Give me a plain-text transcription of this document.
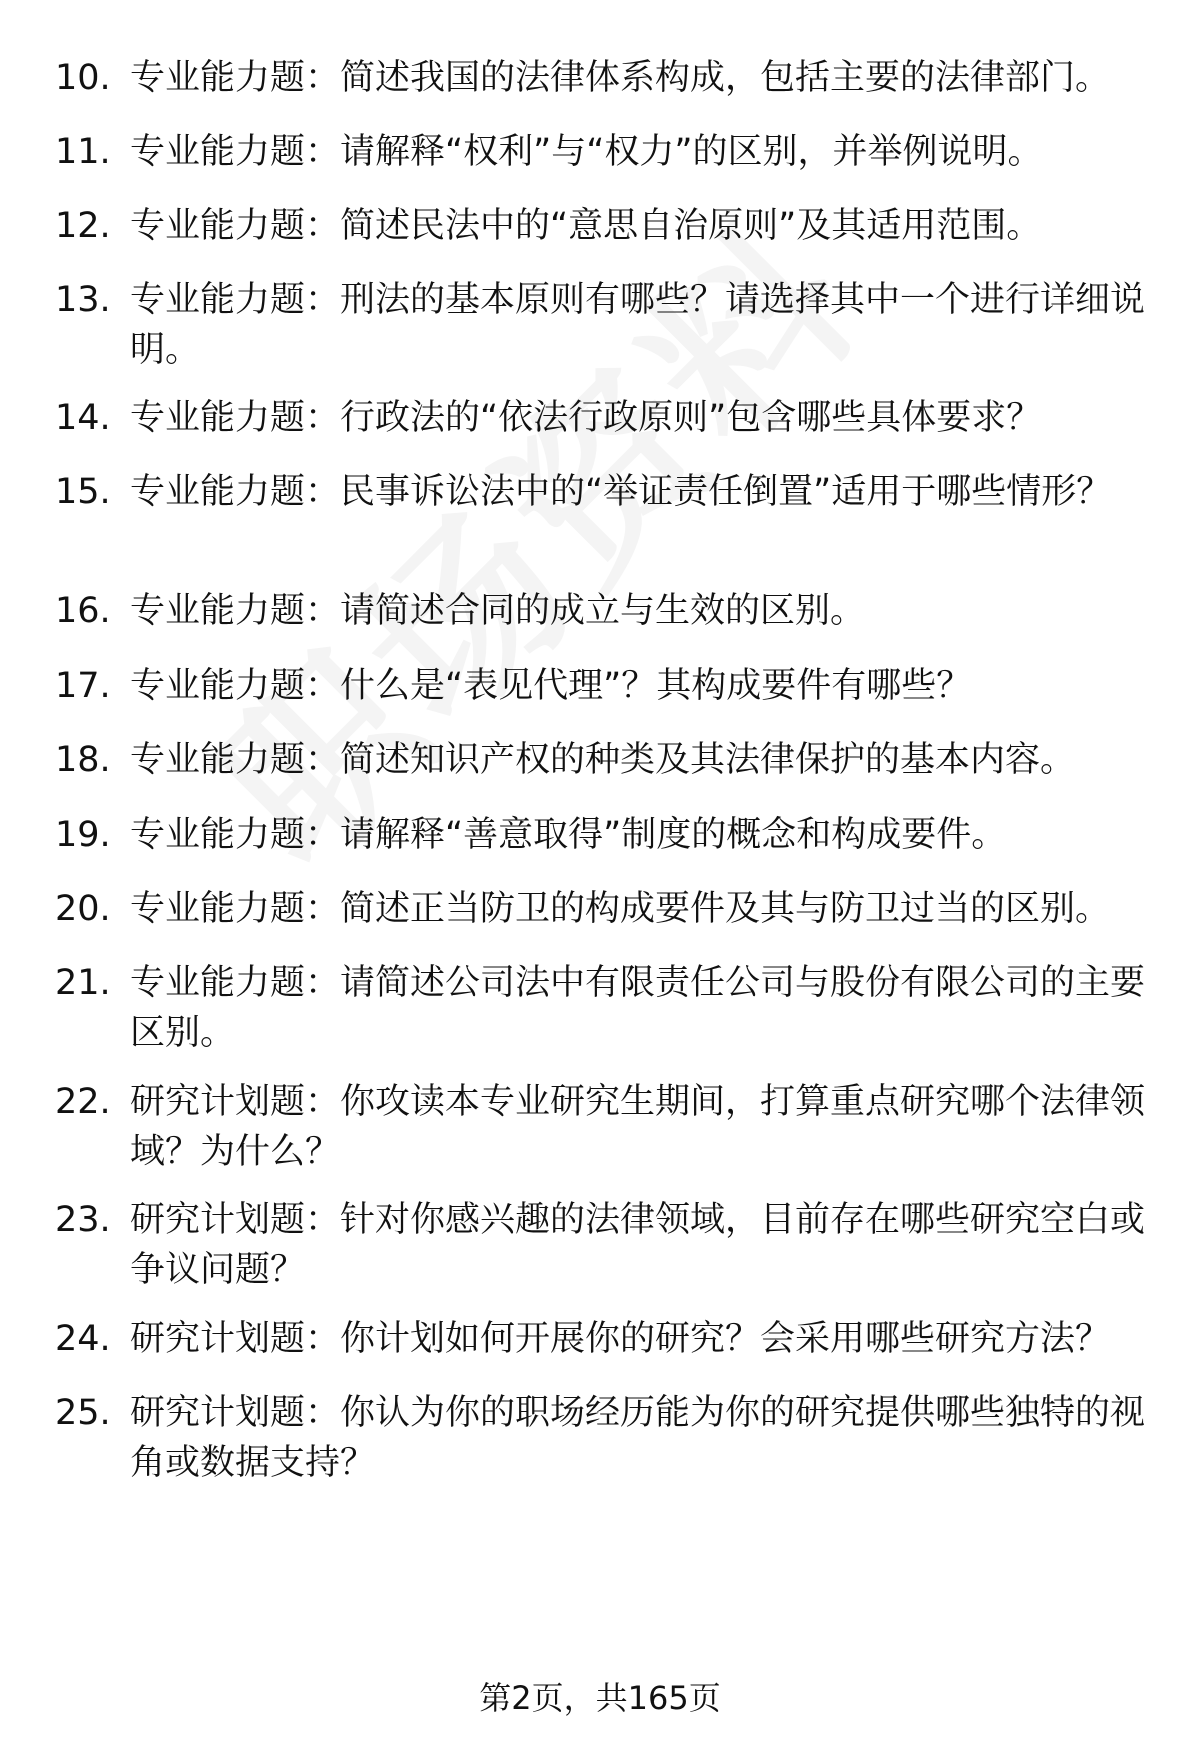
10. 专业能力题：简述我国的法律体系构成，包括主要的法律部门。
11. 专业能力题：请解释“权利”与“权力”的区别，并举例说明。
12. 专业能力题：简述民法中的“意思自治原则”及其适用范围。
13. 专业能力题：刑法的基本原则有哪些？请选择其中一个进行详细说明。
14. 专业能力题：行政法的“依法行政原则”包含哪些具体要求？
15. 专业能力题：民事诉讼法中的“举证责任倒置”适用于哪些情形？
16. 专业能力题：请简述合同的成立与生效的区别。
17. 专业能力题：什么是“表见代理”？其构成要件有哪些？
18. 专业能力题：简述知识产权的种类及其法律保护的基本内容。
19. 专业能力题：请解释“善意取得”制度的概念和构成要件。
20. 专业能力题：简述正当防卫的构成要件及其与防卫过当的区别。
21. 专业能力题：请简述公司法中有限责任公司与股份有限公司的主要区别。
22. 研究计划题：你攻读本专业研究生期间，打算重点研究哪个法律领域？为什么？
23. 研究计划题：针对你感兴趣的法律领域，目前存在哪些研究空白或争议问题？
24. 研究计划题：你计划如何开展你的研究？会采用哪些研究方法？
25. 研究计划题：你认为你的职场经历能为你的研究提供哪些独特的视角或数据支持？
第2页，共165页
